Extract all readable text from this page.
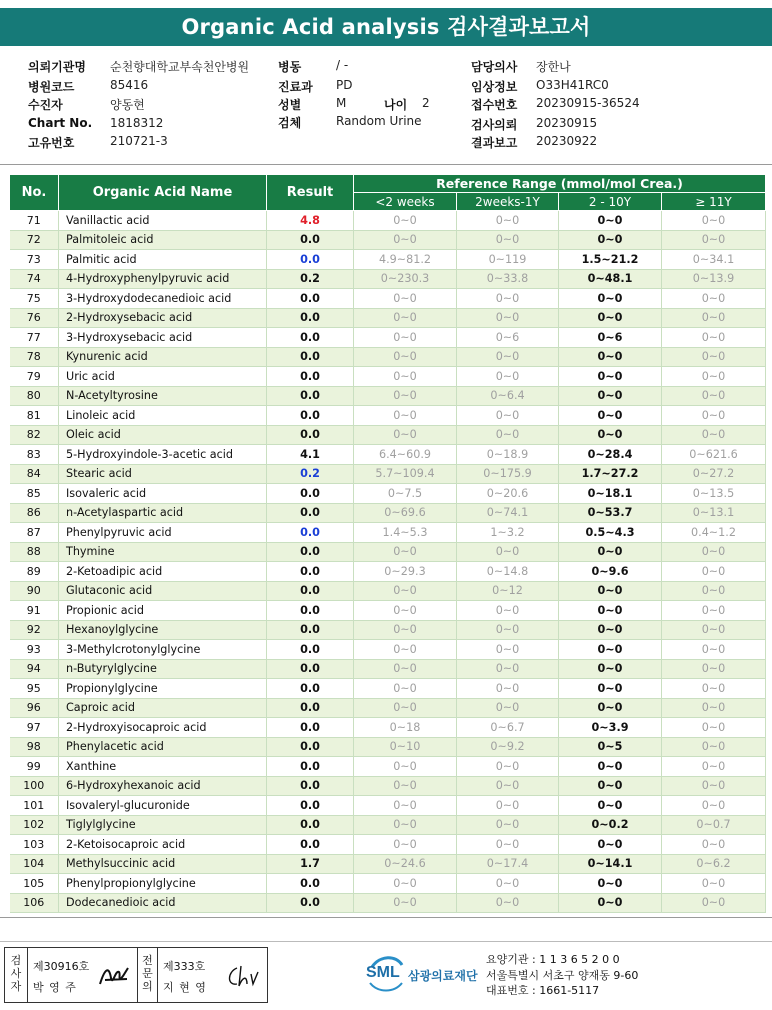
Organic Acid analysis 검사결과보고서
의뢰기관명 순천향대학교부속천안병원
병원코드	85416
수진자	양동현
Chart No. 1818312
고유번호	210721-3
병동	/ -
진료과 PD
성별	M	나이 2
검체	Random Urine
담당의사 장한나
임상정보 O33H41RC0
접수번호 20230915-36524
검사의뢰 20230915
결과보고 20230922
No.	Organic Acid Name	Result	Reference Range (mmol/mol Crea.)			
			<2 weeks	2weeks-1Y	2 - 10Y	≥ 11Y
71	Vanillactic acid	4.8	0~0	0~0	0~0	0~0
72	Palmitoleic acid	0.0	0~0	0~0	0~0	0~0
73	Palmitic acid	0.0	4.9~81.2	0~119	1.5~21.2	0~34.1
74	4-Hydroxyphenylpyruvic acid	0.2	0~230.3	0~33.8	0~48.1	0~13.9
75	3-Hydroxydodecanedioic acid	0.0	0~0	0~0	0~0	0~0
76	2-Hydroxysebacic acid	0.0	0~0	0~0	0~0	0~0
77	3-Hydroxysebacic acid	0.0	0~0	0~6	0~6	0~0
78	Kynurenic acid	0.0	0~0	0~0	0~0	0~0
79	Uric acid	0.0	0~0	0~0	0~0	0~0
80	N-Acetyltyrosine	0.0	0~0	0~6.4	0~0	0~0
81	Linoleic acid	0.0	0~0	0~0	0~0	0~0
82	Oleic acid	0.0	0~0	0~0	0~0	0~0
83	5-Hydroxyindole-3-acetic acid	4.1	6.4~60.9	0~18.9	0~28.4	0~621.6
84	Stearic acid	0.2	5.7~109.4	0~175.9	1.7~27.2	0~27.2
85	Isovaleric acid	0.0	0~7.5	0~20.6	0~18.1	0~13.5
86	n-Acetylaspartic acid	0.0	0~69.6	0~74.1	0~53.7	0~13.1
87	Phenylpyruvic acid	0.0	1.4~5.3	1~3.2	0.5~4.3	0.4~1.2
88	Thymine	0.0	0~0	0~0	0~0	0~0
89	2-Ketoadipic acid	0.0	0~29.3	0~14.8	0~9.6	0~0
90	Glutaconic acid	0.0	0~0	0~12	0~0	0~0
91	Propionic acid	0.0	0~0	0~0	0~0	0~0
92	Hexanoylglycine	0.0	0~0	0~0	0~0	0~0
93	3-Methylcrotonylglycine	0.0	0~0	0~0	0~0	0~0
94	n-Butyrylglycine	0.0	0~0	0~0	0~0	0~0
95	Propionylglycine	0.0	0~0	0~0	0~0	0~0
96	Caproic acid	0.0	0~0	0~0	0~0	0~0
97	2-Hydroxyisocaproic acid	0.0	0~18	0~6.7	0~3.9	0~0
98	Phenylacetic acid	0.0	0~10	0~9.2	0~5	0~0
99	Xanthine	0.0	0~0	0~0	0~0	0~0
100	6-Hydroxyhexanoic acid	0.0	0~0	0~0	0~0	0~0
101	Isovaleryl-glucuronide	0.0	0~0	0~0	0~0	0~0
102	Tiglylglycine	0.0	0~0	0~0	0~0.2	0~0.7
103	2-Ketoisocaproic acid	0.0	0~0	0~0	0~0	0~0
104	Methylsuccinic acid	1.7	0~24.6	0~17.4	0~14.1	0~6.2
105	Phenylpropionylglycine	0.0	0~0	0~0	0~0	0~0
106	Dodecanedioic acid	0.0	0~0	0~0	0~0	0~0
검
사
자
제30916호
박 영 주
전
문
의
제333호
지 현 영
SML 삼광의료재단
요양기관 : 1 1 3 6 5 2 0 0
서울특별시 서초구 양재동 9-60
대표번호 : 1661-5117
